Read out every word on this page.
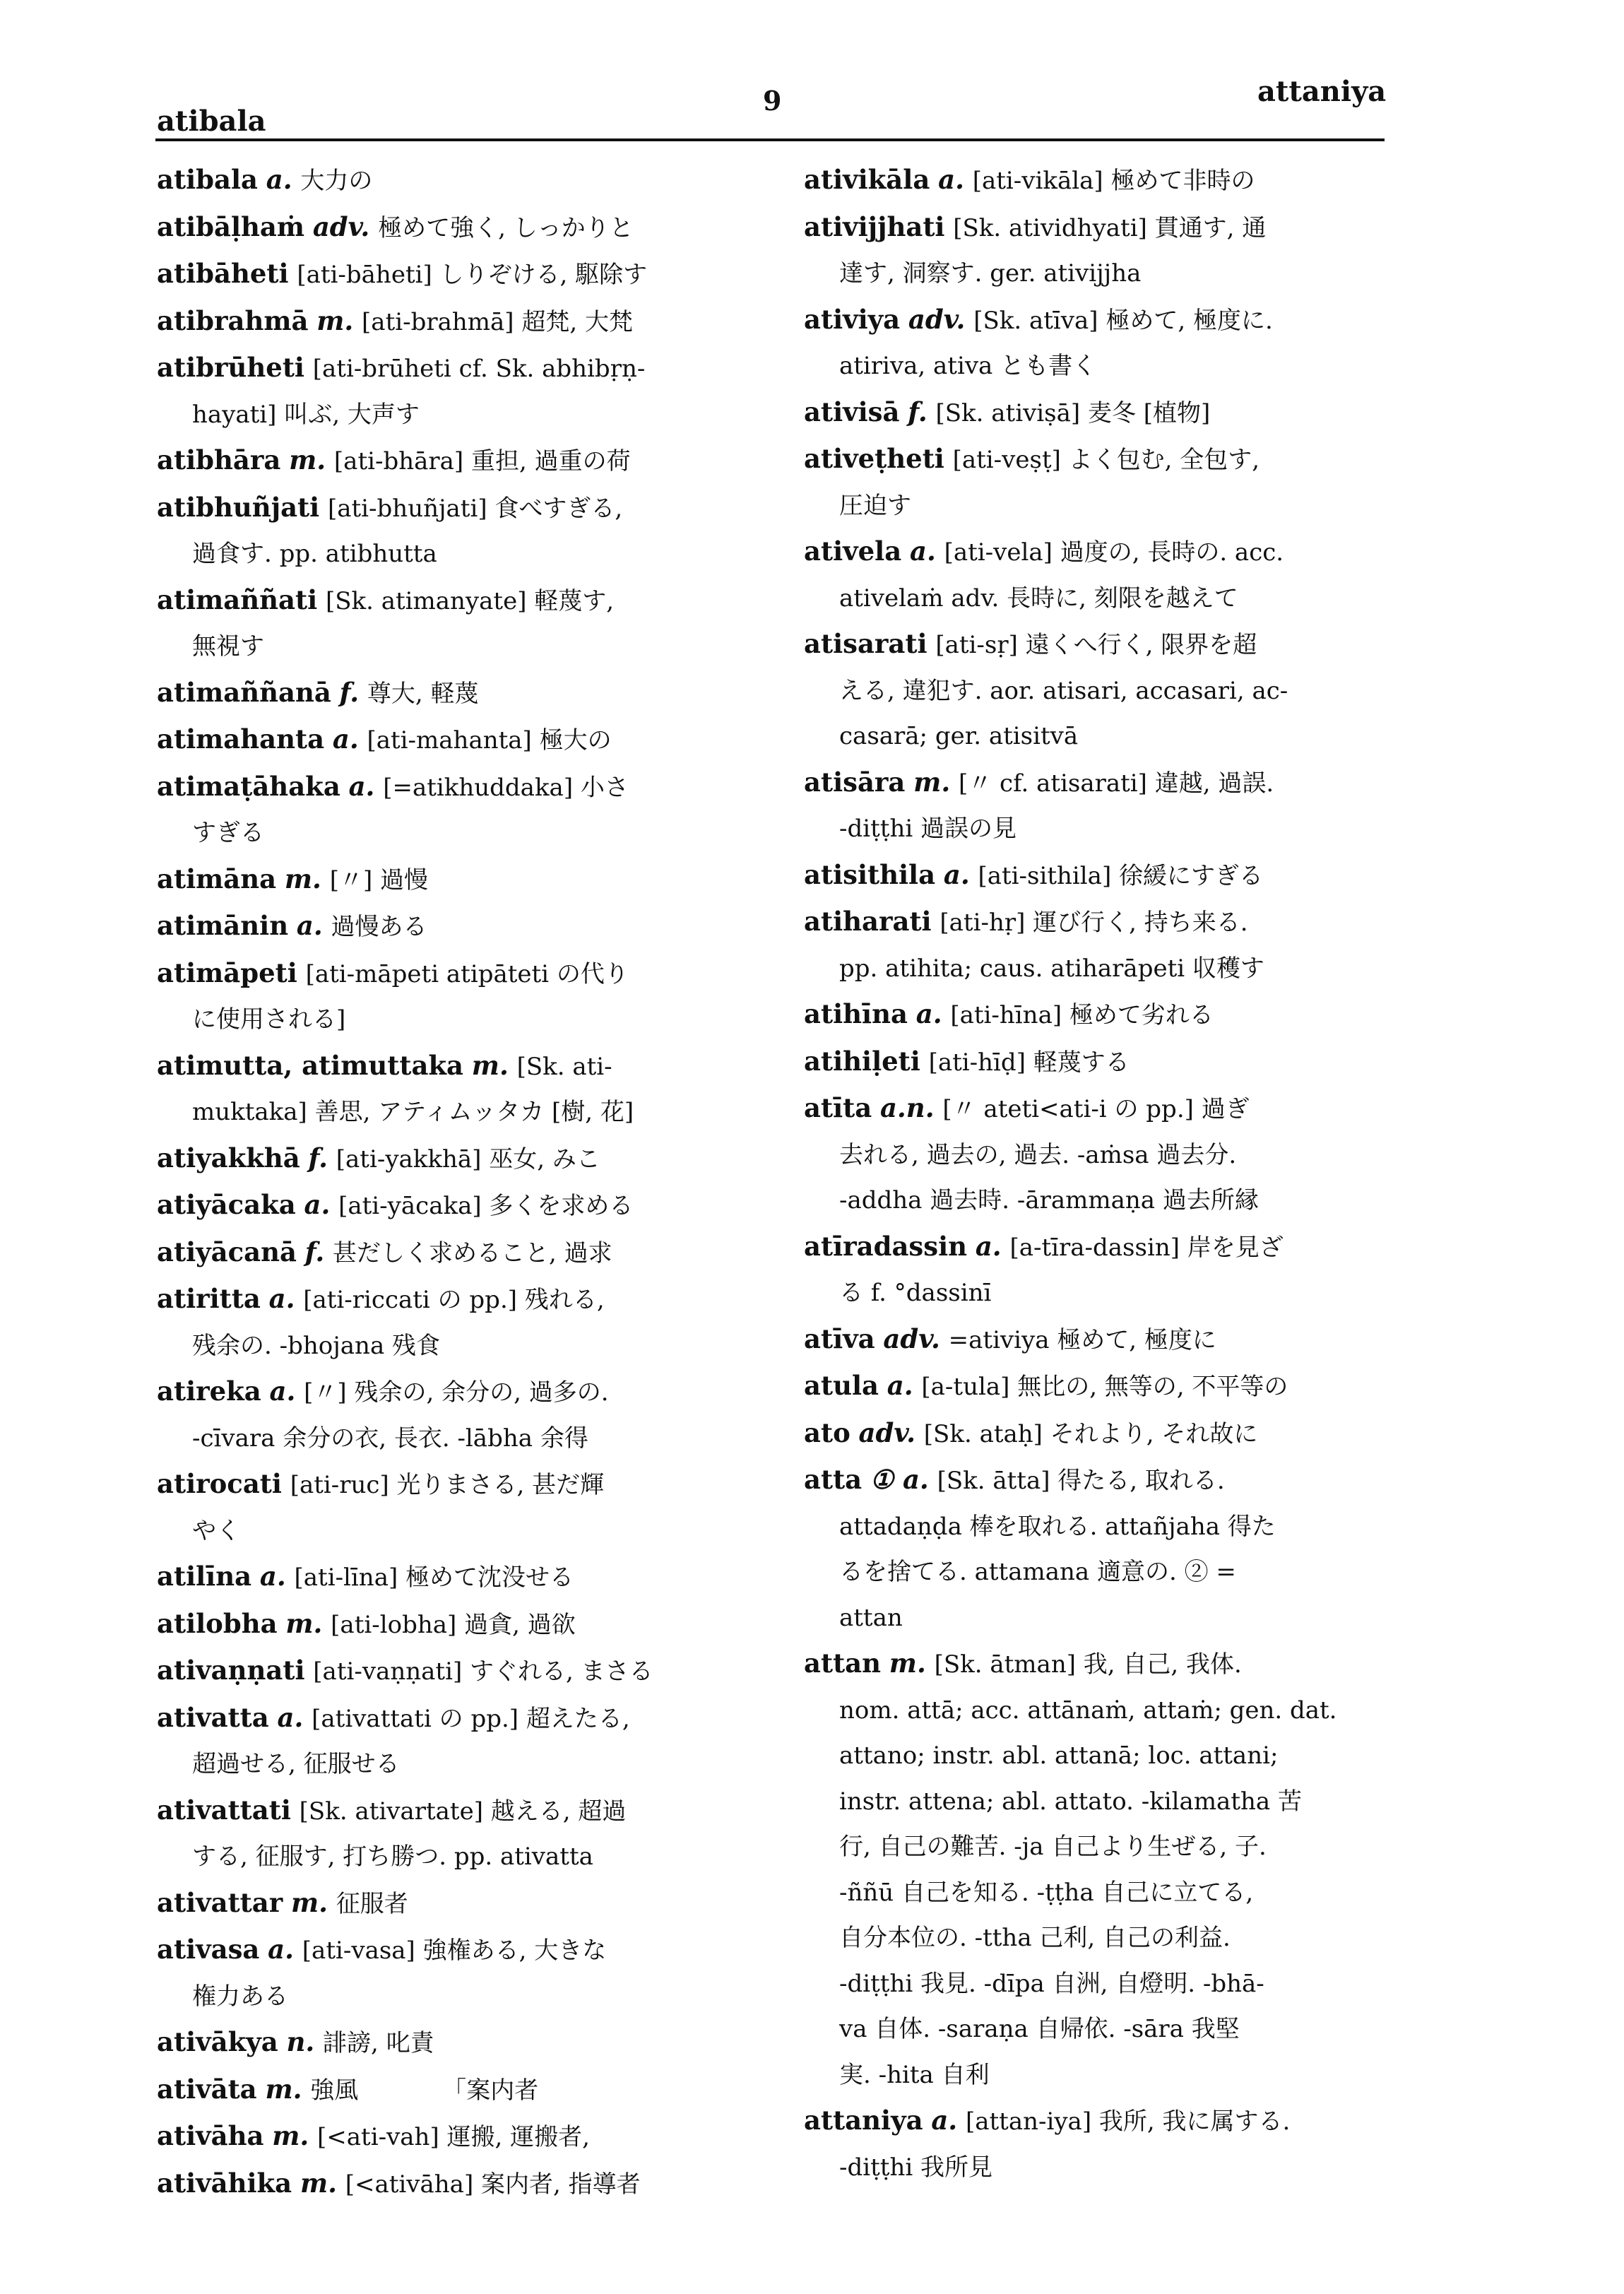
atibala
9	attaniya

atibala a. 大力の

atibāḷhaṁ adv. 極めて強く, しっかりと

atibāheti [ati-bāheti] しりぞける, 駆除す

atibrahmā m. [ati-brahmā] 超梵, 大梵

atibrūheti [ati-brūheti cf. Sk. abhibṛṇ-
hayati] 叫ぶ, 大声す

atibhāra m. [ati-bhāra] 重担, 過重の荷

atibhuñjati [ati-bhuñjati] 食べすぎる,
過食す. pp. atibhutta

atimaññati [Sk. atimanyate] 軽蔑す,
無視す

atimaññanā f. 尊大, 軽蔑

atimahanta a. [ati-mahanta] 極大の

atimaṭāhaka a. [=atikhuddaka] 小さ
すぎる

atimāna m. [〃] 過慢

atimānin a. 過慢ある

atimāpeti [ati-māpeti atipāteti の代り
に使用される]

atimutta, atimuttaka m. [Sk. ati-
muktaka] 善思, アティムッタカ [樹, 花]

atiyakkhā f. [ati-yakkhā] 巫女, みこ

atiyācaka a. [ati-yācaka] 多くを求める

atiyācanā f. 甚だしく求めること, 過求

atiritta a. [ati-riccati の pp.] 残れる,
残余の. -bhojana 残食

atireka a. [〃] 残余の, 余分の, 過多の.
-cīvara 余分の衣, 長衣. -lābha 余得

atirocati [ati-ruc] 光りまさる, 甚だ輝
やく

atilīna a. [ati-līna] 極めて沈没せる

atilobha m. [ati-lobha] 過貪, 過欲

ativaṇṇati [ati-vaṇṇati] すぐれる, まさる

ativatta a. [ativattati の pp.] 超えたる,
超過せる, 征服せる

ativattati [Sk. ativartate] 越える, 超過
する, 征服す, 打ち勝つ. pp. ativatta

ativattar m. 征服者

ativasa a. [ati-vasa] 強権ある, 大きな
権力ある

ativākya n. 誹謗, 叱責

ativāta m. 強風　　　　「案内者

ativāha m. [<ati-vah] 運搬, 運搬者,

ativāhika m. [<ativāha] 案内者, 指導者

ativikāla a. [ati-vikāla] 極めて非時の

ativijjhati [Sk. atividhyati] 貫通す, 通
達す, 洞察す. ger. ativijjha

ativiya adv. [Sk. atīva] 極めて, 極度に.
atiriva, ativa とも書く

ativisā f. [Sk. ativiṣā] 麦冬 [植物]

ativeṭheti [ati-veṣṭ] よく包む, 全包す,
圧迫す

ativela a. [ati-vela] 過度の, 長時の. acc.
ativelaṁ adv. 長時に, 刻限を越えて

atisarati [ati-sṛ] 遠くへ行く, 限界を超
える, 違犯す. aor. atisari, accasari, ac-
casarā; ger. atisitvā

atisāra m. [〃 cf. atisarati] 違越, 過誤.
-diṭṭhi 過誤の見

atisithila a. [ati-sithila] 徐緩にすぎる

atiharati [ati-hṛ] 運び行く, 持ち来る.
pp. atihita; caus. atiharāpeti 収穫す

atihīna a. [ati-hīna] 極めて劣れる

atihiḷeti [ati-hīḍ] 軽蔑する

atīta a.n. [〃 ateti<ati-i の pp.] 過ぎ
去れる, 過去の, 過去. -aṁsa 過去分.
-addha 過去時. -ārammaṇa 過去所縁

atīradassin a. [a-tīra-dassin] 岸を見ざ
る f. °dassinī

atīva adv. =ativiya 極めて, 極度に

atula a. [a-tula] 無比の, 無等の, 不平等の

ato adv. [Sk. ataḥ] それより, それ故に

atta ① a. [Sk. ātta] 得たる, 取れる.
attadaṇḍa 棒を取れる. attañjaha 得た
るを捨てる. attamana 適意の. ② =
attan

attan m. [Sk. ātman] 我, 自己, 我体.
nom. attā; acc. attānaṁ, attaṁ; gen. dat.
attano; instr. abl. attanā; loc. attani;
instr. attena; abl. attato. -kilamatha 苦
行, 自己の難苦. -ja 自己より生ぜる, 子.
-ññū 自己を知る. -ṭṭha 自己に立てる,
自分本位の. -ttha 己利, 自己の利益.
-diṭṭhi 我見. -dīpa 自洲, 自燈明. -bhā-
va 自体. -saraṇa 自帰依. -sāra 我堅
実. -hita 自利

attaniya a. [attan-iya] 我所, 我に属する.
-diṭṭhi 我所見
